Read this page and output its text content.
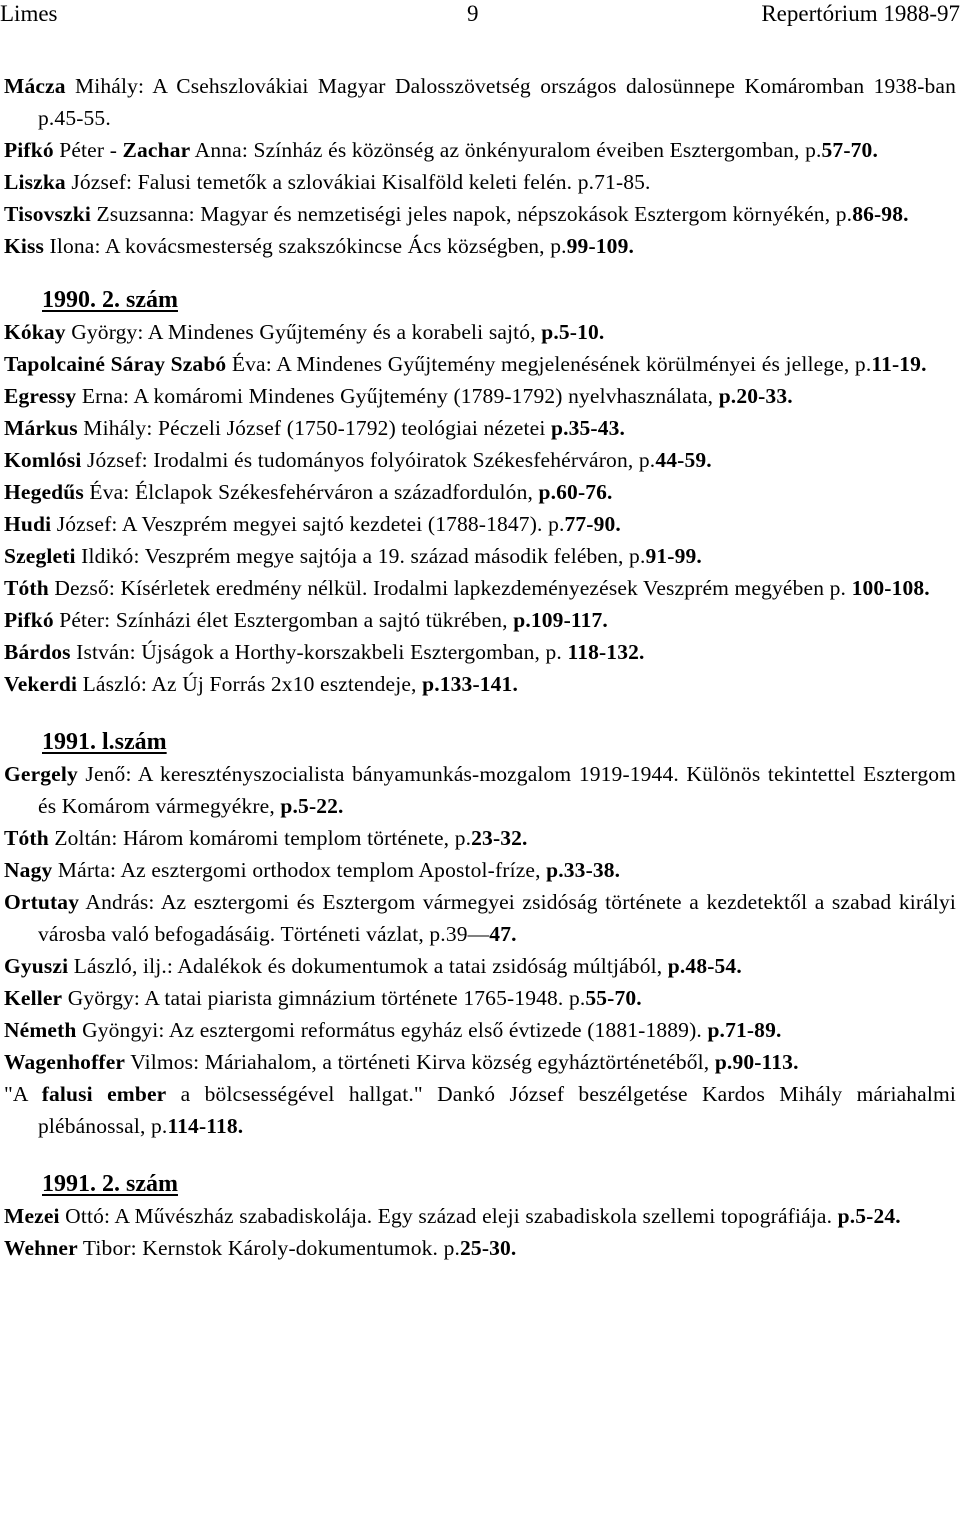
Limes	9	Repertórium 1988-97
Mácza Mihály: A Csehszlovákiai Magyar Dalosszövetség országos dalosünnepe Komáromban 1938-ban p.45-55.
Pifkó Péter - Zachar Anna: Színház és közönség az önkényuralom éveiben Esztergomban, p.57-70.
Liszka József: Falusi temetők a szlovákiai Kisalföld keleti felén. p.71-85.
Tisovszki Zsuzsanna: Magyar és nemzetiségi jeles napok, népszokások Esztergom környékén, p.86-98.
Kiss Ilona: A kovácsmesterség szakszókincse Ács községben, p.99-109.
1990. 2. szám
Kókay György: A Mindenes Gyűjtemény és a korabeli sajtó, p.5-10.
Tapolcainé Sáray Szabó Éva: A Mindenes Gyűjtemény megjelenésének körülményei és jellege, p.11-19.
Egressy Erna: A komáromi Mindenes Gyűjtemény (1789-1792) nyelvhasználata, p.20-33.
Márkus Mihály: Péczeli József (1750-1792) teológiai nézetei p.35-43.
Komlósi József: Irodalmi és tudományos folyóiratok Székesfehérváron, p.44-59.
Hegedűs Éva: Élclapok Székesfehérváron a századfordulón, p.60-76.
Hudi József: A Veszprém megyei sajtó kezdetei (1788-1847). p.77-90.
Szegleti Ildikó: Veszprém megye sajtója a 19. század második felében, p.91-99.
Tóth Dezső: Kísérletek eredmény nélkül. Irodalmi lapkezdeményezések Veszprém megyében p. 100-108.
Pifkó Péter: Színházi élet Esztergomban a sajtó tükrében, p.109-117.
Bárdos István: Újságok a Horthy-korszakbeli Esztergomban, p. 118-132.
Vekerdi László: Az Új Forrás 2x10 esztendeje, p.133-141.
1991. l.szám
Gergely Jenő: A keresztényszocialista bányamunkás-mozgalom 1919-1944. Különös tekintettel Esztergom és Komárom vármegyékre, p.5-22.
Tóth Zoltán: Három komáromi templom története, p.23-32.
Nagy Márta: Az esztergomi orthodox templom Apostol-fríze, p.33-38.
Ortutay András: Az esztergomi és Esztergom vármegyei zsidóság története a kezdetektől a szabad királyi városba való befogadásáig. Történeti vázlat, p.39—47.
Gyuszi László, ilj.: Adalékok és dokumentumok a tatai zsidóság múltjából, p.48-54.
Keller György: A tatai piarista gimnázium története 1765-1948. p.55-70.
Németh Gyöngyi: Az esztergomi református egyház első évtizede (1881-1889). p.71-89.
Wagenhoffer Vilmos: Máriahalom, a történeti Kirva község egyháztörténetéből, p.90-113.
"A falusi ember a bölcsességével hallgat." Dankó József beszélgetése Kardos Mihály máriahalmi plébánossal, p.114-118.
1991. 2. szám
Mezei Ottó: A Művészház szabadiskolája. Egy század eleji szabadiskola szellemi topográfiája. p.5-24.
Wehner Tibor: Kernstok Károly-dokumentumok. p.25-30.
